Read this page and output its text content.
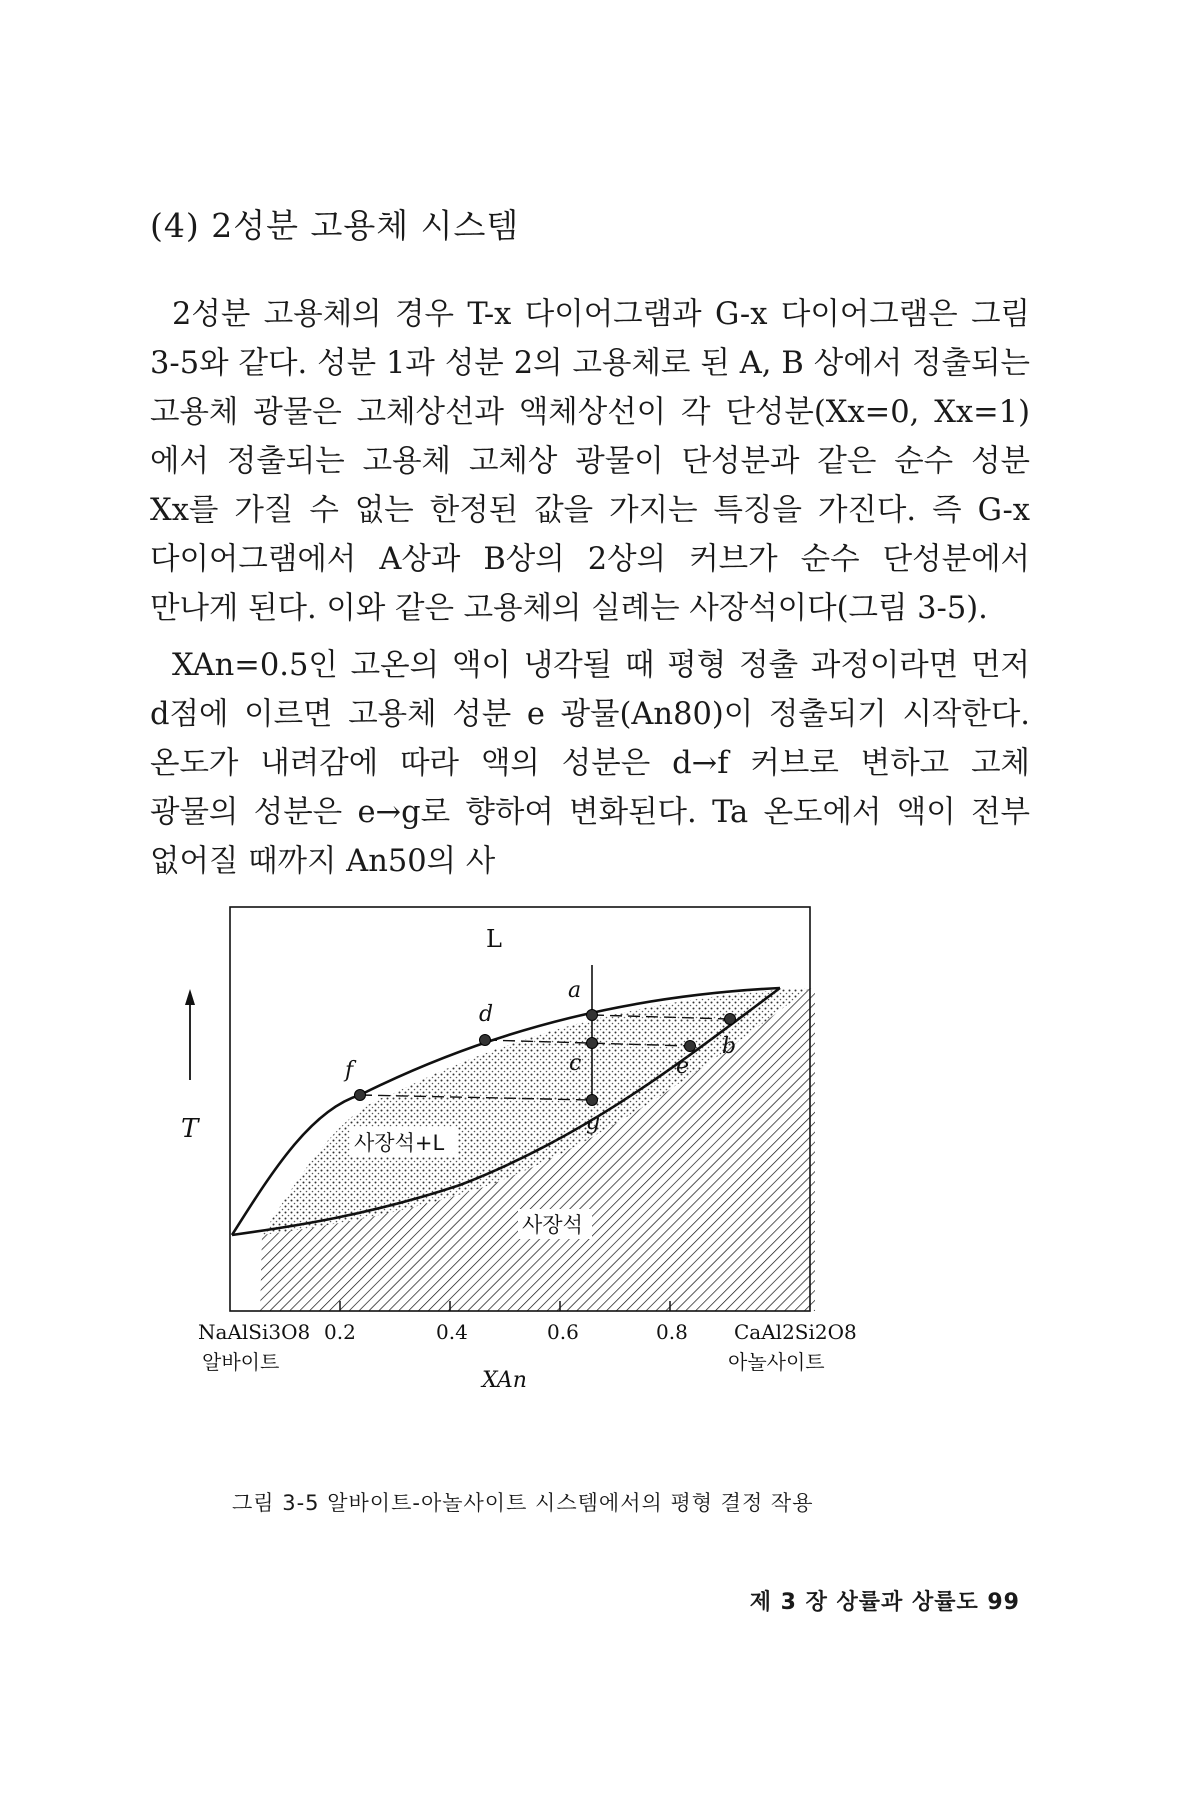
(4) 2성분 고용체 시스템

2성분 고용체의 경우 T-x 다이어그램과 G-x 다이어그램은 그림 3-5와 같다. 성분 1과 성분 2의 고용체로 된 A, B 상에서 정출되는 고용체 광물은 고체상선과 액체상선이 각 단성분(Xx=0, Xx=1)에서 정출되는 고용체 고체상 광물이 단성분과 같은 순수 성분 Xx를 가질 수 없는 한정된 값을 가지는 특징을 가진다. 즉 G-x 다이어그램에서 A상과 B상의 2상의 커브가 순수 단성분에서 만나게 된다. 이와 같은 고용체의 실례는 사장석이다(그림 3-5).

XAn=0.5인 고온의 액이 냉각될 때 평형 정출 과정이라면 먼저 d점에 이르면 고용체 성분 e 광물(An80)이 정출되기 시작한다. 온도가 내려감에 따라 액의 성분은 d→f 커브로 변하고 고체 광물의 성분은 e→g로 향하여 변화된다. Ta 온도에서 액이 전부 없어질 때까지 An50의 사

L
사장석+L
사장석
a
b
c
d
e
f
g
T
0.2	0.4	0.6	0.8
NaAlSi3O8
알바이트
CaAl2Si2O8
아놀사이트
XAn
그림 3-5 알바이트-아놀사이트 시스템에서의 평형 결정 작용
제 3 장 상률과 상률도 99
